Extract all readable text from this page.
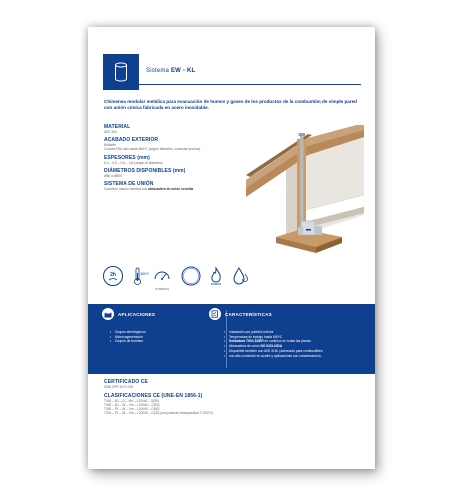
Sistema EW - KL
Chimenea modular metálica para evacuación de humos y gases de los productos de la combustión de simple pared con unión cónica fabricada en acero inoxidable.
MATERIAL
AISI 304
ACABADO EXTERIOR
Brillante
Colores RAL alto hasta 600ºC (según diámetro, consultar precios)
ESPESORES (mm)
0,4 – 0,5 – 0,6 – 0,8 (según el diámetro)
DIÁMETROS DISPONIBLES (mm)
Ø80 a Ø800
SISTEMA DE UNIÓN
Conexión macho-hembra con abrazadera de unión sencilla
2h	600ºC
Pt 5000 Pa
APLICACIONES
• Grupos electrógenos
• Microcogeneración
• Grupos de bombeo
CARACTERÍSTICAS
• Instalación por patinillo interior
• Temperatura de trabajo hasta 600ºC
• Soldadura TIG/LÁSER en continuo en todas las piezas
• Abrazadera de unión NO INCLUIDA
• Disponible también con AISI 316L (adecuado para combustibles
• con alto contenido en azufre y aplicaciones con condensación).
CERTIFICADO CE
0036 CPR 9174 028
CLASIFICACIONES CE (UNE-EN 1856-1)
T400 – N1 – D – Vm – L20040 – G(50)
T400 – N1 – W – Vm – L20040 – O(50)
T400 – P1 – W – Vm – L20040 – O(50)
T200 – P1 – W – Vm – L20040 – O(30) (con junta de estanqueidad T=200ºC)
